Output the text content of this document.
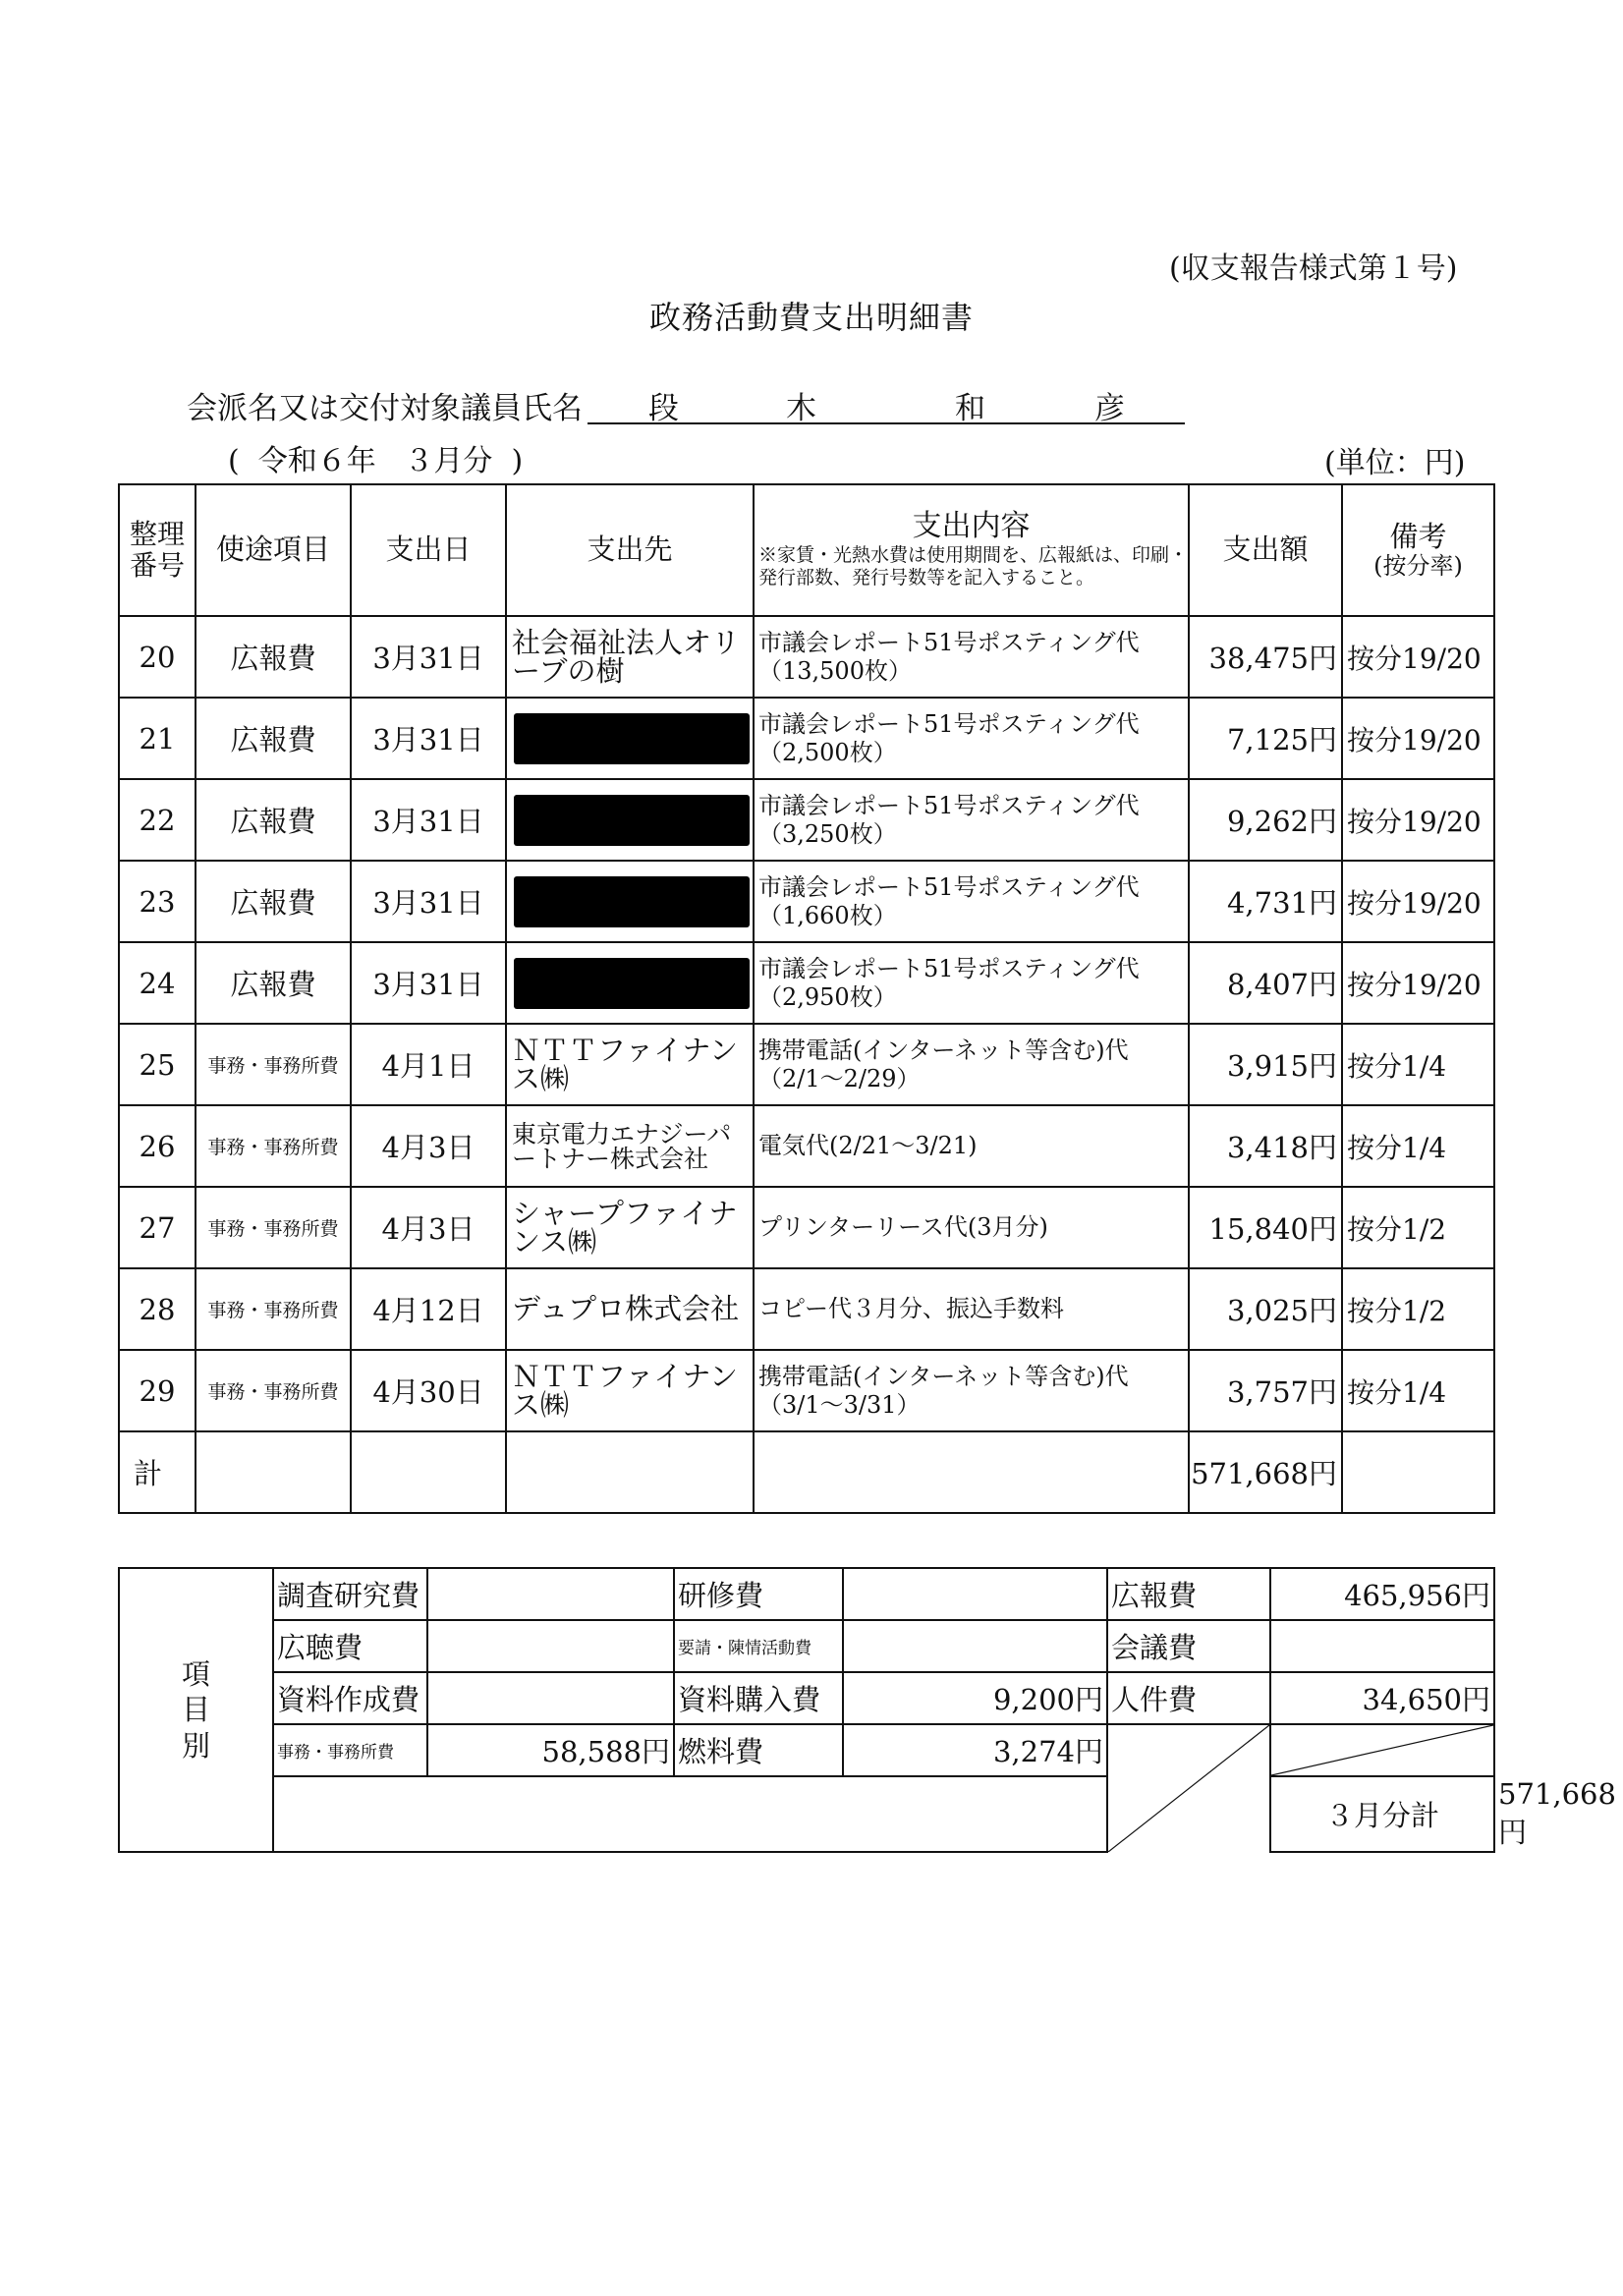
(収支報告様式第１号)
政務活動費支出明細書
会派名又は交付対象議員氏名 段	木	和	彦
(  令和６年   ３月分  )	(単位：円)
整理番号	使途項目	支出日	支出先	支出内容
※家賃・光熱水費は使用期間を、広報紙は、印刷・発行部数、発行号数等を記入すること。	支出額	備考
(按分率)

20	広報費	3月31日	社会福祉法人オリーブの樹	市議会レポート51号ポスティング代
（13,500枚）	38,475円	按分19/20
21	広報費	3月31日		市議会レポート51号ポスティング代
（2,500枚）	7,125円	按分19/20
22	広報費	3月31日		市議会レポート51号ポスティング代
（3,250枚）	9,262円	按分19/20
23	広報費	3月31日		市議会レポート51号ポスティング代
（1,660枚）	4,731円	按分19/20
24	広報費	3月31日		市議会レポート51号ポスティング代
（2,950枚）	8,407円	按分19/20
25	事務・事務所費	4月1日	ＮＴＴファイナンス㈱	携帯電話(インターネット等含む)代
（2/1～2/29）	3,915円	按分1/4
26	事務・事務所費	4月3日	東京電力エナジーパートナー株式会社	電気代(2/21～3/21)	3,418円	按分1/4
27	事務・事務所費	4月3日	シャープファイナンス㈱	プリンターリース代(3月分)	15,840円	按分1/2
28	事務・事務所費	4月12日	デュプロ株式会社	コピー代３月分、振込手数料	3,025円	按分1/2
29	事務・事務所費	4月30日	ＮＴＴファイナンス㈱	携帯電話(インターネット等含む)代
（3/1～3/31）	3,757円	按分1/4
計					571,668円	
項
目
別	調査研究費		研修費		広報費	465,956円	
	広聴費		要請・陳情活動費		会議費		
	資料作成費		資料購入費	9,200円	人件費	34,650円	
	事務・事務所費	58,588円	燃料費	3,274円	

						３月分計	571,668円
